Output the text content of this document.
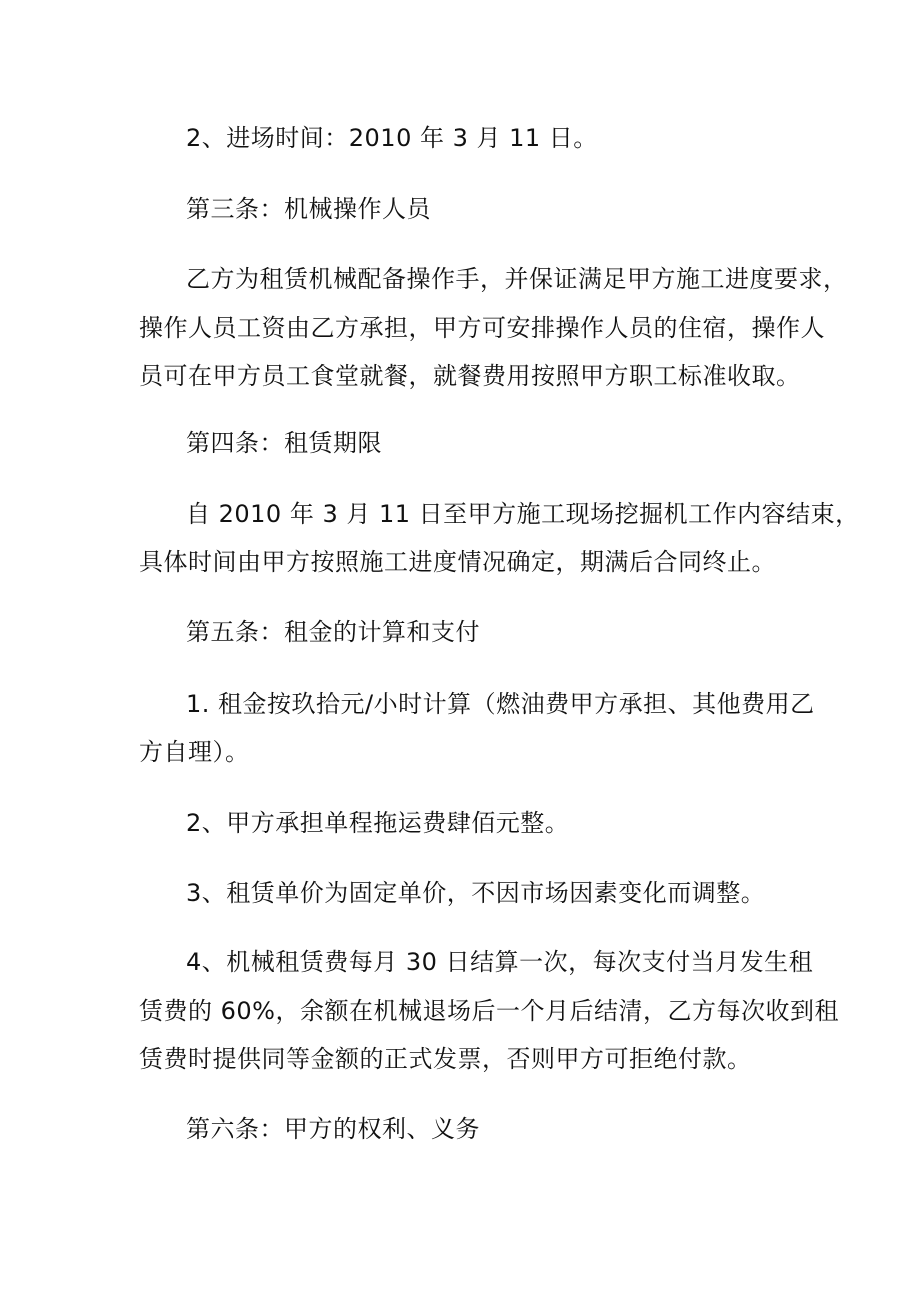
2、进场时间：2010 年 3 月 11 日。
第三条：机械操作人员
乙方为租赁机械配备操作手，并保证满足甲方施工进度要求，
操作人员工资由乙方承担，甲方可安排操作人员的住宿，操作人
员可在甲方员工食堂就餐，就餐费用按照甲方职工标准收取。
第四条：租赁期限
自 2010 年 3 月 11 日至甲方施工现场挖掘机工作内容结束，
具体时间由甲方按照施工进度情况确定，期满后合同终止。
第五条：租金的计算和支付
1. 租金按玖拾元/小时计算（燃油费甲方承担、其他费用乙
方自理）。
2、甲方承担单程拖运费肆佰元整。
3、租赁单价为固定单价，不因市场因素变化而调整。
4、机械租赁费每月 30 日结算一次，每次支付当月发生租
赁费的 60%，余额在机械退场后一个月后结清，乙方每次收到租
赁费时提供同等金额的正式发票，否则甲方可拒绝付款。
第六条：甲方的权利、义务
